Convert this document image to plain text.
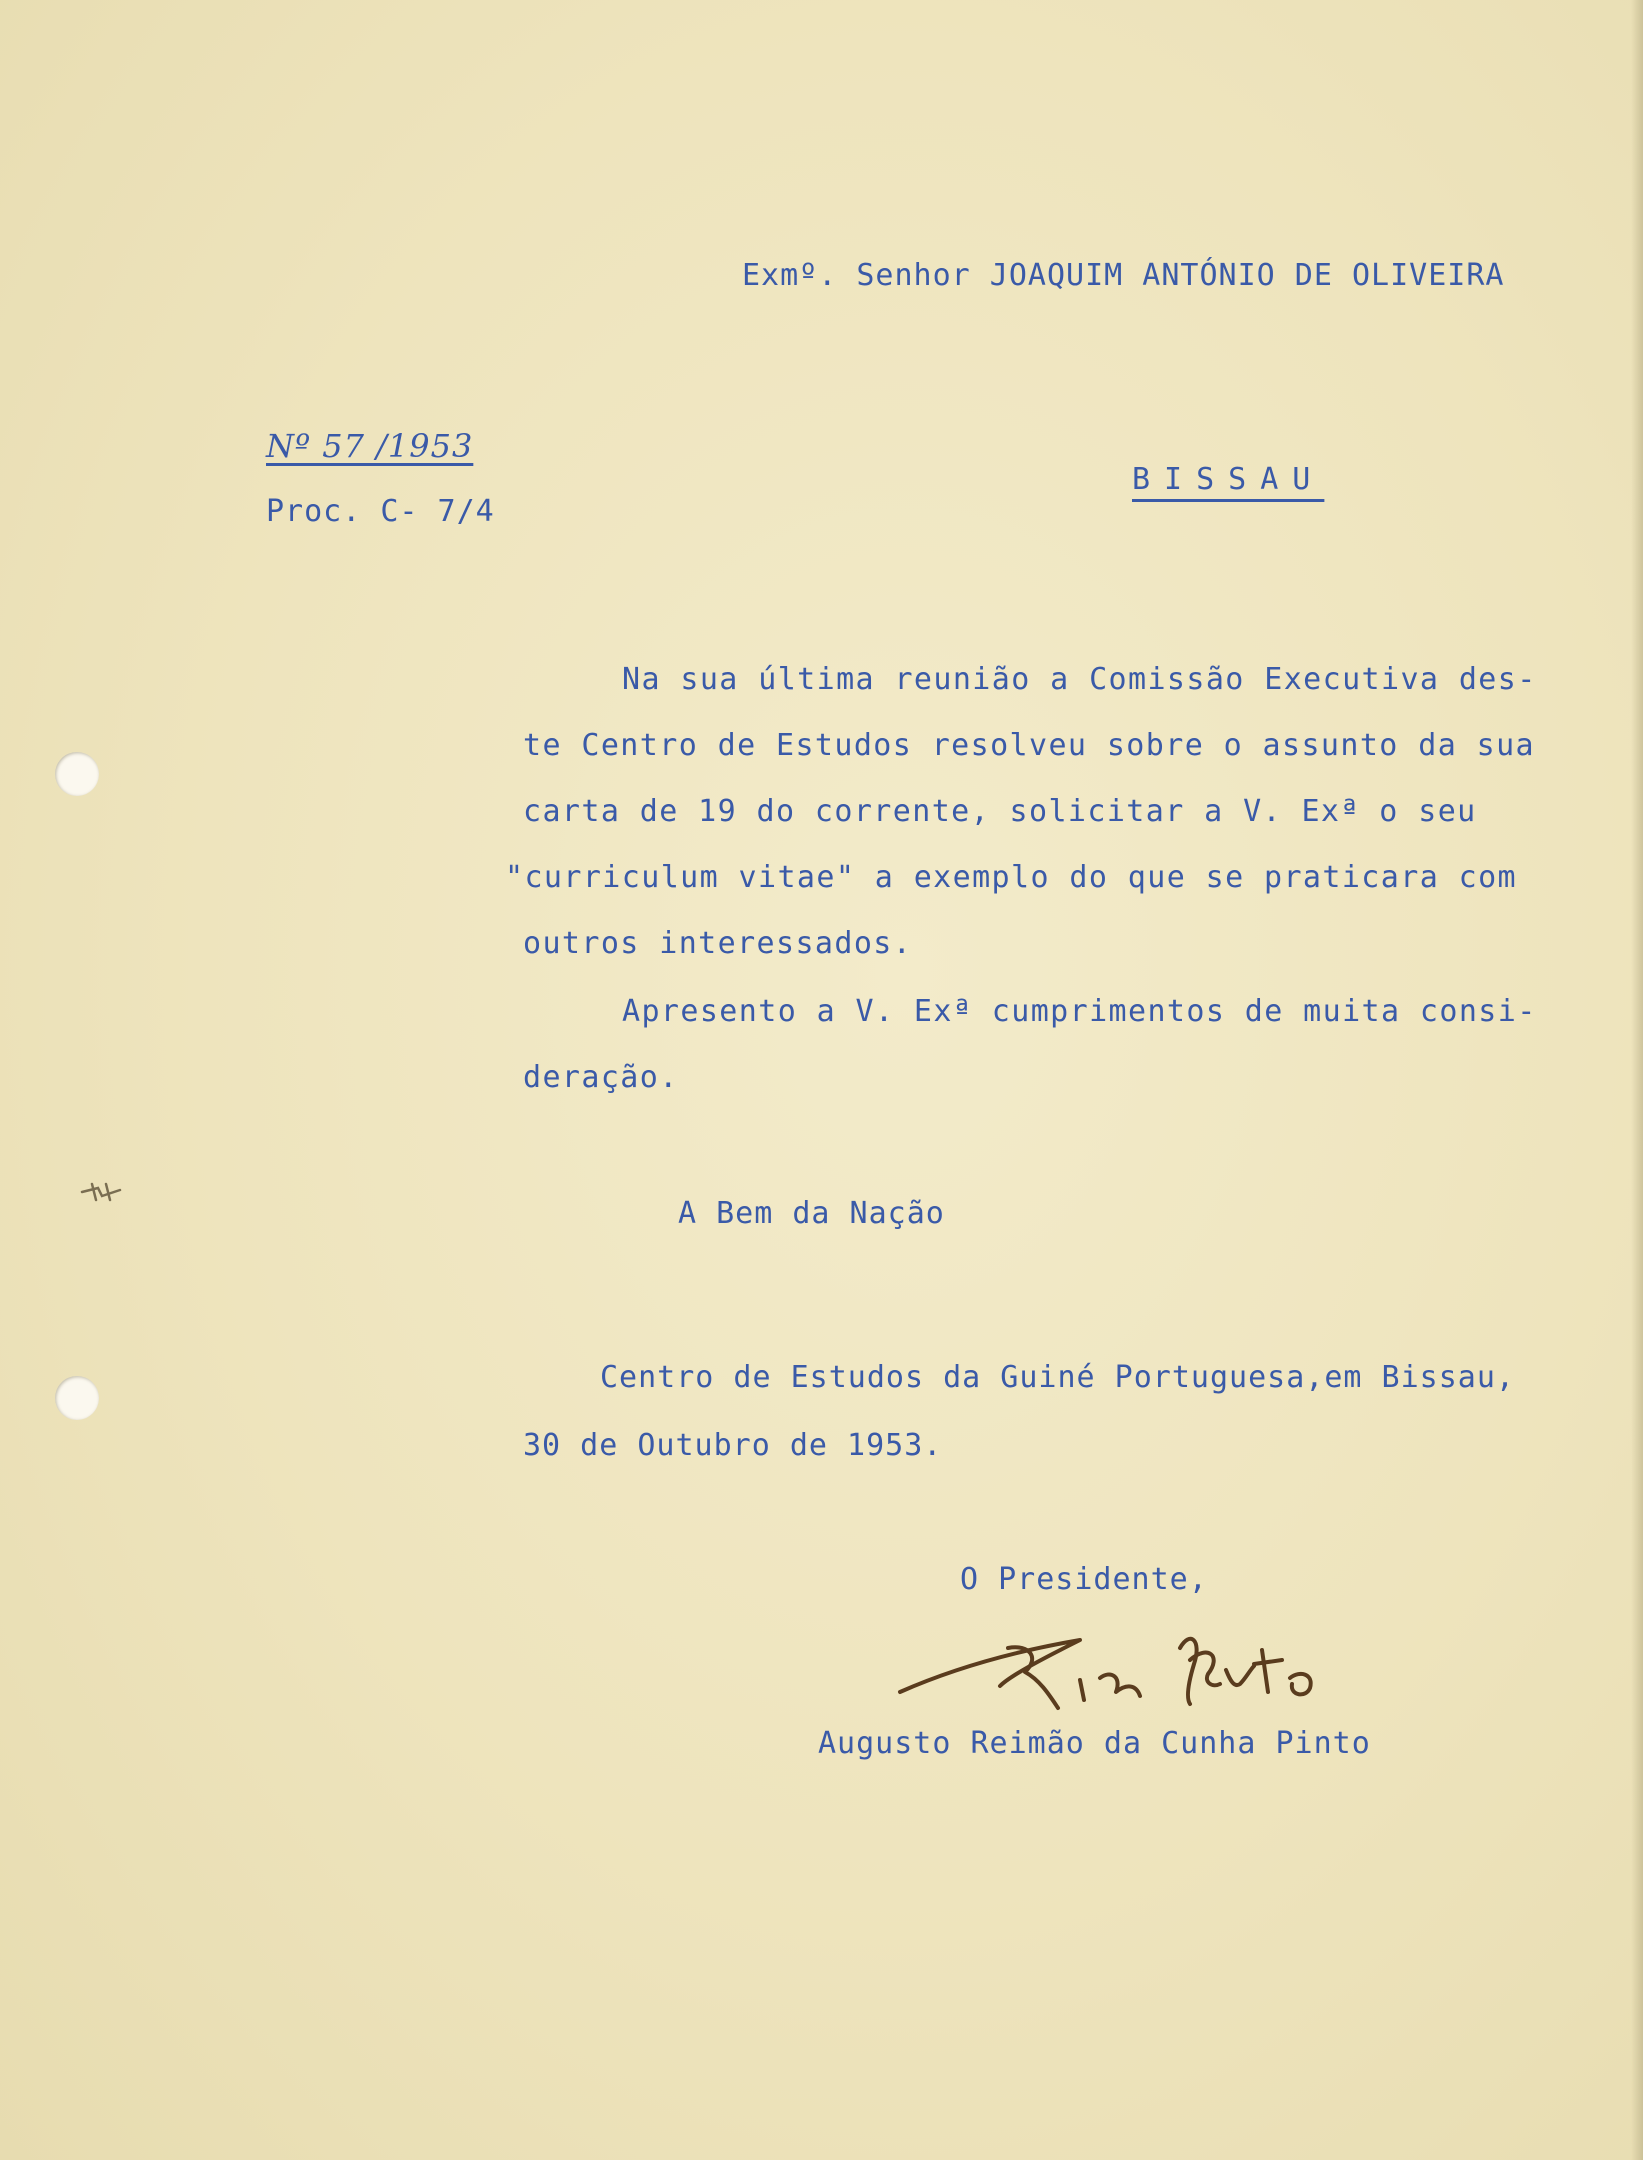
Exmº. Senhor JOAQUIM ANTÓNIO DE OLIVEIRA
Nº 57 /1953
Proc. C- 7/4
BISSAU
Na sua última reunião a Comissão Executiva des-
te Centro de Estudos resolveu sobre o assunto da sua
carta de 19 do corrente, solicitar a V. Exª o seu
"curriculum vitae" a exemplo do que se praticara com
outros interessados.
Apresento a V. Exª cumprimentos de muita consi-
deração.
A Bem da Nação
Centro de Estudos da Guiné Portuguesa,em Bissau,
30 de Outubro de 1953.
O Presidente,
Augusto Reimão da Cunha Pinto
